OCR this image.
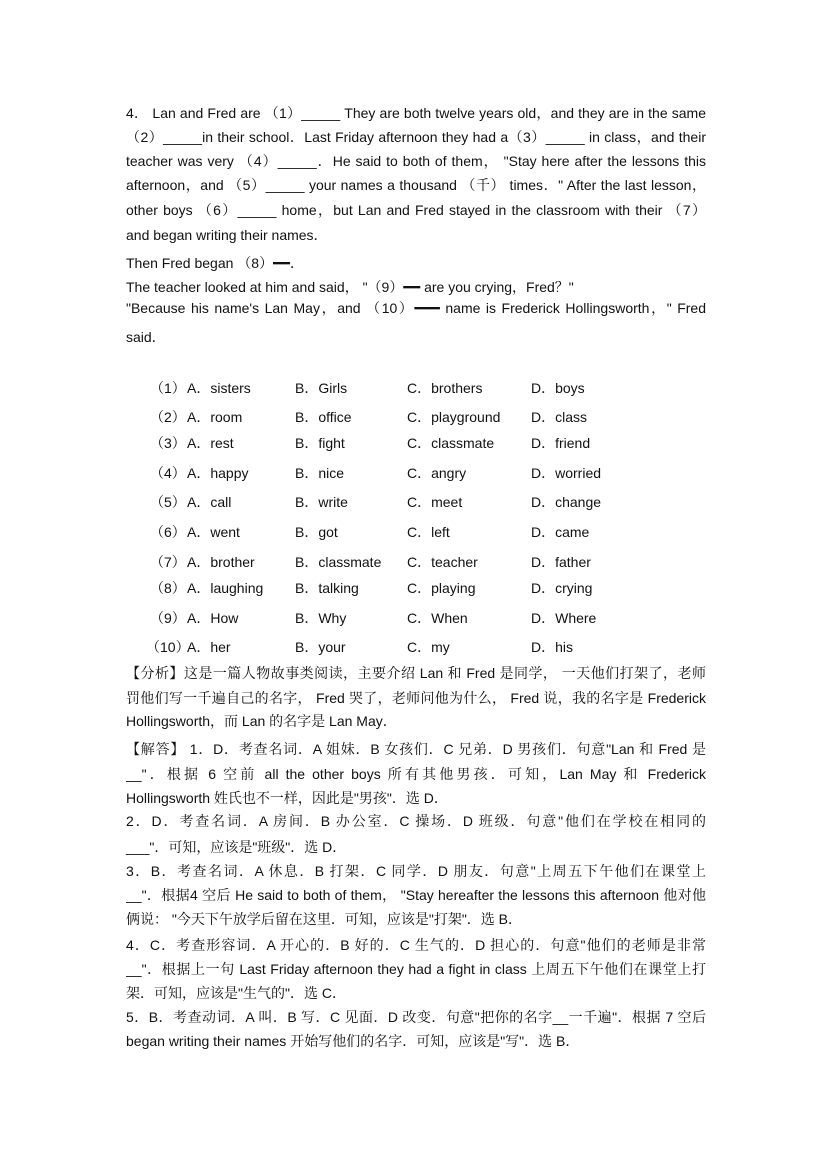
4． Lan and Fred are （1）_____ They are both twelve years old，and they are in the same
（2）_____in their school．Last Friday afternoon they had a（3）_____ in class，and their
teacher was very （4）_____．He said to both of them， "Stay here after the lessons this
afternoon，and （5）_____ your names a thousand （千） times．" After the last lesson，
other boys （6）_____ home，but Lan and Fred stayed in the classroom with their （7）
and began writing their names．
Then Fred began （8）━━．
The teacher looked at him and said， "（9）━━ are you crying，Fred？"
"Because his name's Lan May，and （10）━━━ name is Frederick Hollingsworth，" Fred
said．
（1） A．sisters	B．Girls	C．brothers	D．boys
（2） A．room	B．office	C．playground D．class
（3） A．rest	B．fight	C．classmate	D．friend
（4） A．happy	B．nice	C．angry	D．worried
（5） A．call	B．write	C．meet	D．change
（6） A．went	B．got	C．left	D．came
（7） A．brother	B．classmate C．teacher	D．father
（8） A．laughing B．talking	C．playing	D．crying
（9） A．How	B．Why	C．When	D．Where
（10）
A．her	B．your	C．my	D．his
【分析】这是一篇人物故事类阅读，主要介绍 Lan 和 Fred 是同学， 一天他们打架了，老师
罚他们写一千遍自己的名字， Fred 哭了，老师问他为什么， Fred 说，我的名字是 Frederick
Hollingsworth，而 Lan 的名字是 Lan May．
【解答】 1．D．考查名词．A 姐妹．B 女孩们．C 兄弟．D 男孩们．句意"Lan 和 Fred 是
__"．根据 6 空前 all the other boys 所有其他男孩．可知，Lan May 和 Frederick
Hollingsworth 姓氏也不一样，因此是"男孩"．选 D．
2．D．考查名词．A 房间．B 办公室．C 操场．D 班级．句意"他们在学校在相同的
___"．可知，应该是"班级"．选 D．
3．B．考查名词．A 休息．B 打架．C 同学．D 朋友．句意"上周五下午他们在课堂上
__"．根据4 空后 He said to both of them， "Stay hereafter the lessons this afternoon 他对他
俩说： "今天下午放学后留在这里．可知，应该是"打架"．选 B．
4．C．考查形容词．A 开心的．B 好的．C 生气的．D 担心的．句意"他们的老师是非常
__"．根据上一句 Last Friday afternoon they had a fight in class 上周五下午他们在课堂上打
架．可知，应该是"生气的"．选 C．
5．B．考查动词．A 叫．B 写．C 见面．D 改变．句意"把你的名字__一千遍"．根据 7 空后
began writing their names 开始写他们的名字．可知，应该是"写"．选 B．
